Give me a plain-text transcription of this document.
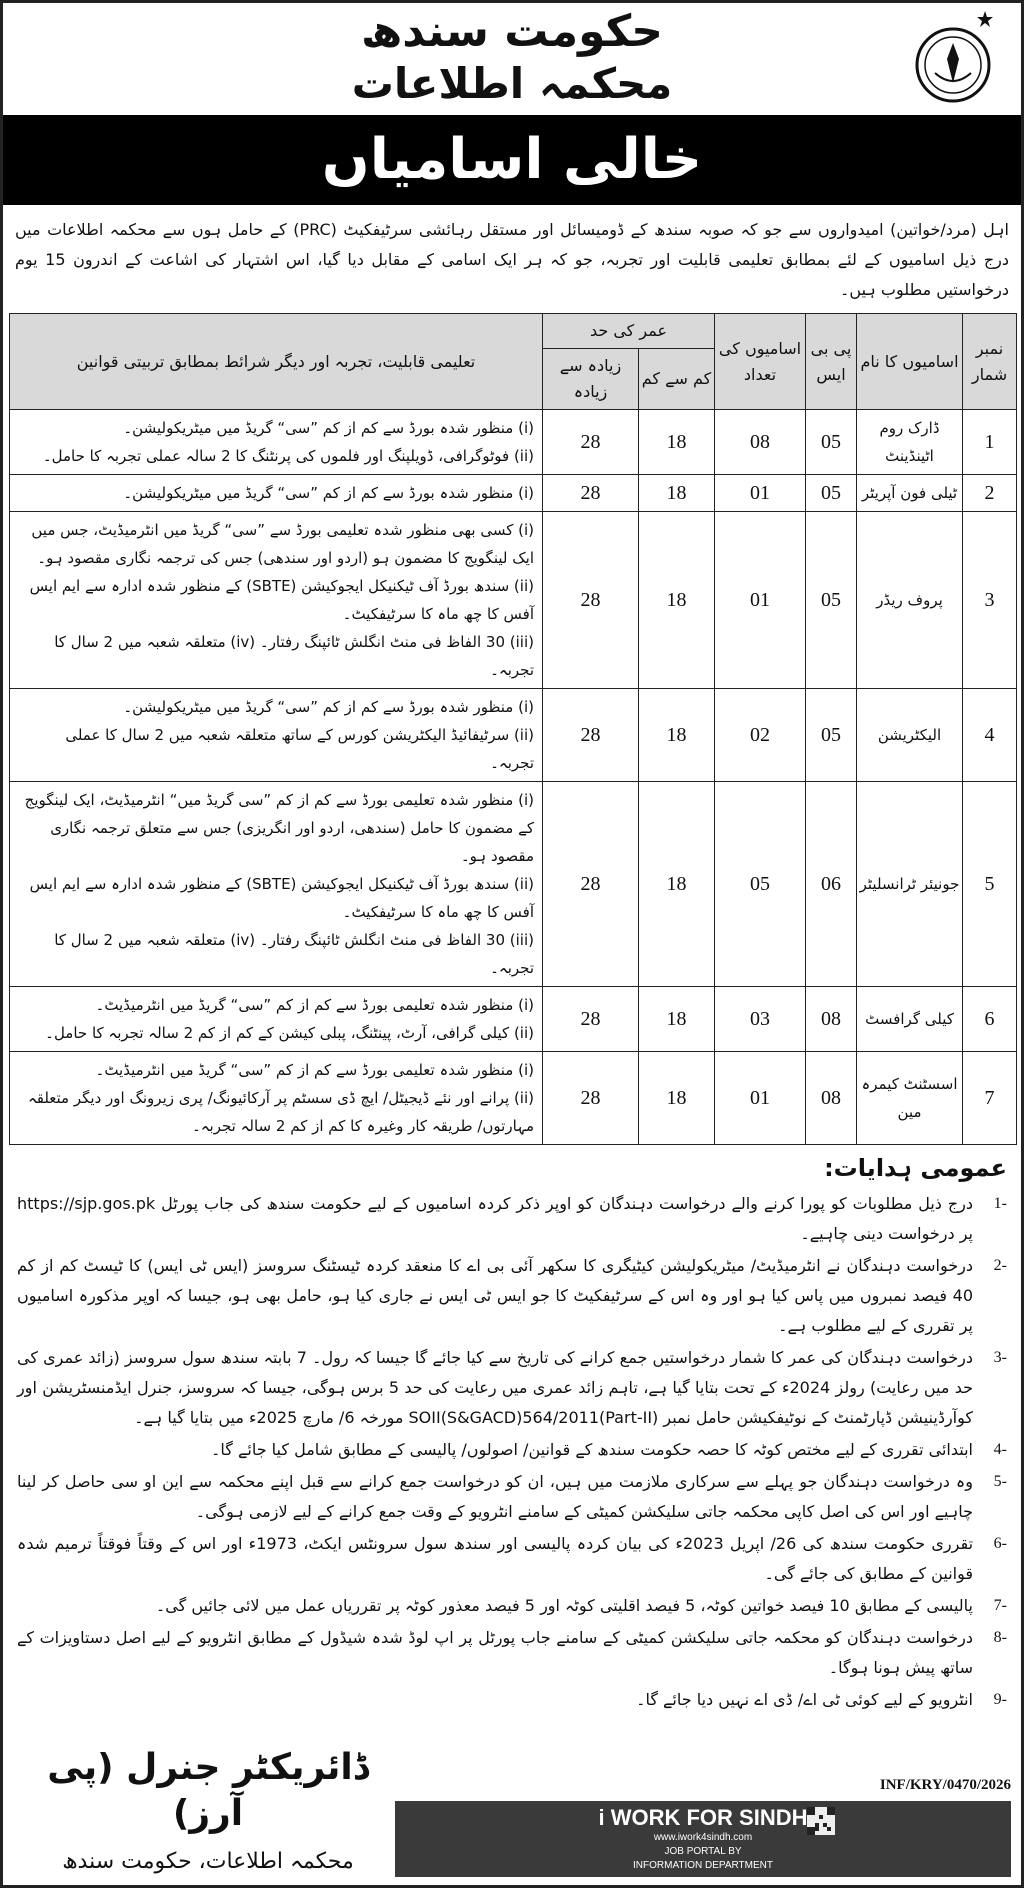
حکومت سندھ
محکمہ اطلاعات
خالی اسامیاں

اہل (مرد/خواتین) امیدواروں سے جو کہ صوبہ سندھ کے ڈومیسائل اور مستقل رہائشی سرٹیفکیٹ (PRC) کے حامل ہوں سے محکمہ اطلاعات میں درج ذیل اسامیوں کے لئے بمطابق تعلیمی قابلیت اور تجربہ، جو کہ ہر ایک اسامی کے مقابل دیا گیا، اس اشتہار کی اشاعت کے اندرون 15 یوم درخواستیں مطلوب ہیں۔

نمبر شمار	اسامیوں کا نام	پی بی ایس	اسامیوں کی تعداد	عمر کی حد		تعلیمی قابلیت، تجربہ اور دیگر شرائط بمطابق تربیتی قوانین
				کم سے کم	زیادہ سے زیادہ	
1	ڈارک روم اٹینڈینٹ	05	08	18	28	(i) منظور شدہ بورڈ سے کم از کم ”سی“ گریڈ میں میٹریکولیشن۔
(ii) فوٹوگرافی، ڈویلپنگ اور فلموں کی پرنٹنگ کا 2 سالہ عملی تجربہ کا حامل۔

2	ٹیلی فون آپریٹر	05	01	18	28	(i) منظور شدہ بورڈ سے کم از کم ”سی“ گریڈ میں میٹریکولیشن۔

3	پروف ریڈر	05	01	18	28	(i) کسی بھی منظور شدہ تعلیمی بورڈ سے ”سی“ گریڈ میں انٹرمیڈیٹ، جس میں ایک لینگویج کا مضمون ہو (اردو اور سندھی) جس کی ترجمہ نگاری مقصود ہو۔
(ii) سندھ بورڈ آف ٹیکنیکل ایجوکیشن (SBTE) کے منظور شدہ ادارہ سے ایم ایس آفس کا چھ ماہ کا سرٹیفکیٹ۔
(iii) 30 الفاظ فی منٹ انگلش ٹائپنگ رفتار۔ (iv) متعلقہ شعبہ میں 2 سال کا تجربہ۔

4	الیکٹریشن	05	02	18	28	(i) منظور شدہ بورڈ سے کم از کم ”سی“ گریڈ میں میٹریکولیشن۔
(ii) سرٹیفائیڈ الیکٹریشن کورس کے ساتھ متعلقہ شعبہ میں 2 سال کا عملی تجربہ۔

5	جونیئر ٹرانسلیٹر	06	05	18	28	(i) منظور شدہ تعلیمی بورڈ سے کم از کم ”سی گریڈ میں“ انٹرمیڈیٹ، ایک لینگویج کے مضمون کا حامل (سندھی، اردو اور انگریزی) جس سے متعلق ترجمہ نگاری مقصود ہو۔
(ii) سندھ بورڈ آف ٹیکنیکل ایجوکیشن (SBTE) کے منظور شدہ ادارہ سے ایم ایس آفس کا چھ ماہ کا سرٹیفکیٹ۔
(iii) 30 الفاظ فی منٹ انگلش ٹائپنگ رفتار۔ (iv) متعلقہ شعبہ میں 2 سال کا تجربہ۔

6	کیلی گرافسٹ	08	03	18	28	(i) منظور شدہ تعلیمی بورڈ سے کم از کم ”سی“ گریڈ میں انٹرمیڈیٹ۔
(ii) کیلی گرافی، آرٹ، پینٹنگ، پبلی کیشن کے کم از کم 2 سالہ تجربہ کا حامل۔

7	اسسٹنٹ کیمرہ مین	08	01	18	28	(i) منظور شدہ تعلیمی بورڈ سے کم از کم ”سی“ گریڈ میں انٹرمیڈیٹ۔
(ii) پرانے اور نئے ڈیجیٹل/ ایچ ڈی سسٹم پر آرکائیونگ/ پری زیرونگ اور دیگر متعلقہ مہارتوں/ طریقہ کار وغیرہ کا کم از کم 2 سالہ تجربہ۔
عمومی ہدایات:
-1
درج ذیل مطلوبات کو پورا کرنے والے درخواست دہندگان کو اوپر ذکر کردہ اسامیوں کے لیے حکومت سندھ کی جاب پورٹل https://sjp.gos.pk پر درخواست دینی چاہیے۔
-2
درخواست دہندگان نے انٹرمیڈیٹ/ میٹریکولیشن کیٹیگری کا سکھر آئی بی اے کا منعقد کردہ ٹیسٹنگ سروسز (ایس ٹی ایس) کا ٹیسٹ کم از کم 40 فیصد نمبروں میں پاس کیا ہو اور وہ اس کے سرٹیفکیٹ کا جو ایس ٹی ایس نے جاری کیا ہو، حامل بھی ہو، جیسا کہ اوپر مذکورہ اسامیوں پر تقرری کے لیے مطلوب ہے۔
-3
درخواست دہندگان کی عمر کا شمار درخواستیں جمع کرانے کی تاریخ سے کیا جائے گا جیسا کہ رول۔ 7 بابتہ سندھ سول سروسز (زائد عمری کی حد میں رعایت) رولز 2024ء کے تحت بتایا گیا ہے، تاہم زائد عمری میں رعایت کی حد 5 برس ہوگی، جیسا کہ سروسز، جنرل ایڈمنسٹریشن اور کوآرڈینیشن ڈپارٹمنٹ کے نوٹیفکیشن حامل نمبر SOII(S&GACD)564/2011(Part-II) مورخہ 6/ مارچ 2025ء میں بتایا گیا ہے۔
-4
ابتدائی تقرری کے لیے مختص کوٹہ کا حصہ حکومت سندھ کے قوانین/ اصولوں/ پالیسی کے مطابق شامل کیا جائے گا۔
-5
وہ درخواست دہندگان جو پہلے سے سرکاری ملازمت میں ہیں، ان کو درخواست جمع کرانے سے قبل اپنے محکمہ سے این او سی حاصل کر لینا چاہیے اور اس کی اصل کاپی محکمہ جاتی سلیکشن کمیٹی کے سامنے انٹرویو کے وقت جمع کرانے کے لیے لازمی ہوگی۔
-6
تقرری حکومت سندھ کی 26/ اپریل 2023ء کی بیان کردہ پالیسی اور سندھ سول سرونٹس ایکٹ، 1973ء اور اس کے وقتاً فوقتاً ترمیم شدہ قوانین کے مطابق کی جائے گی۔
-7
پالیسی کے مطابق 10 فیصد خواتین کوٹہ، 5 فیصد اقلیتی کوٹہ اور 5 فیصد معذور کوٹہ پر تقرریاں عمل میں لائی جائیں گی۔
-8
درخواست دہندگان کو محکمہ جاتی سلیکشن کمیٹی کے سامنے جاب پورٹل پر اپ لوڈ شدہ شیڈول کے مطابق انٹرویو کے لیے اصل دستاویزات کے ساتھ پیش ہونا ہوگا۔
-9
انٹرویو کے لیے کوئی ٹی اے/ ڈی اے نہیں دیا جائے گا۔
ڈائریکٹر جنرل (پی آرز)
محکمہ اطلاعات، حکومت سندھ
INF/KRY/0470/2026
i WORK FOR SINDH
www.iwork4sindh.com
JOB PORTAL BY
INFORMATION DEPARTMENT
